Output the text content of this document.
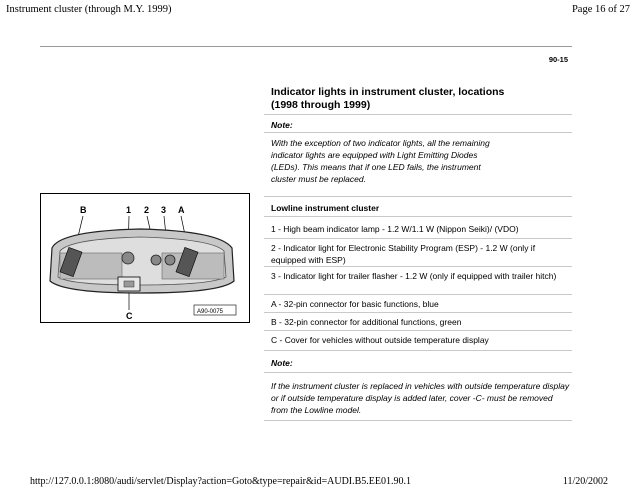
Instrument cluster (through M.Y. 1999)	Page 16 of 27
90-15
Indicator lights in instrument cluster, locations (1998 through 1999)
Note:
With the exception of two indicator lights, all the remaining indicator lights are equipped with Light Emitting Diodes (LEDs). This means that if one LED fails, the instrument cluster must be replaced.
Lowline instrument cluster
1 - High beam indicator lamp - 1.2 W/1.1 W (Nippon Seiki)/ (VDO)
2 - Indicator light for Electronic Stability Program (ESP) - 1.2 W (only if equipped with ESP)
3 - Indicator light for trailer flasher - 1.2 W (only if equipped with trailer hitch)
A - 32-pin connector for basic functions, blue
B - 32-pin connector for additional functions, green
C - Cover for vehicles without outside temperature display
Note:
If the instrument cluster is replaced in vehicles with outside temperature display or if outside temperature display is added later, cover -C- must be removed from the Lowline model.
B	1 2 3 A
C	A90-0075
http://127.0.0.1:8080/audi/servlet/Display?action=Goto&type=repair&id=AUDI.B5.EE01.90.1	11/20/2002
